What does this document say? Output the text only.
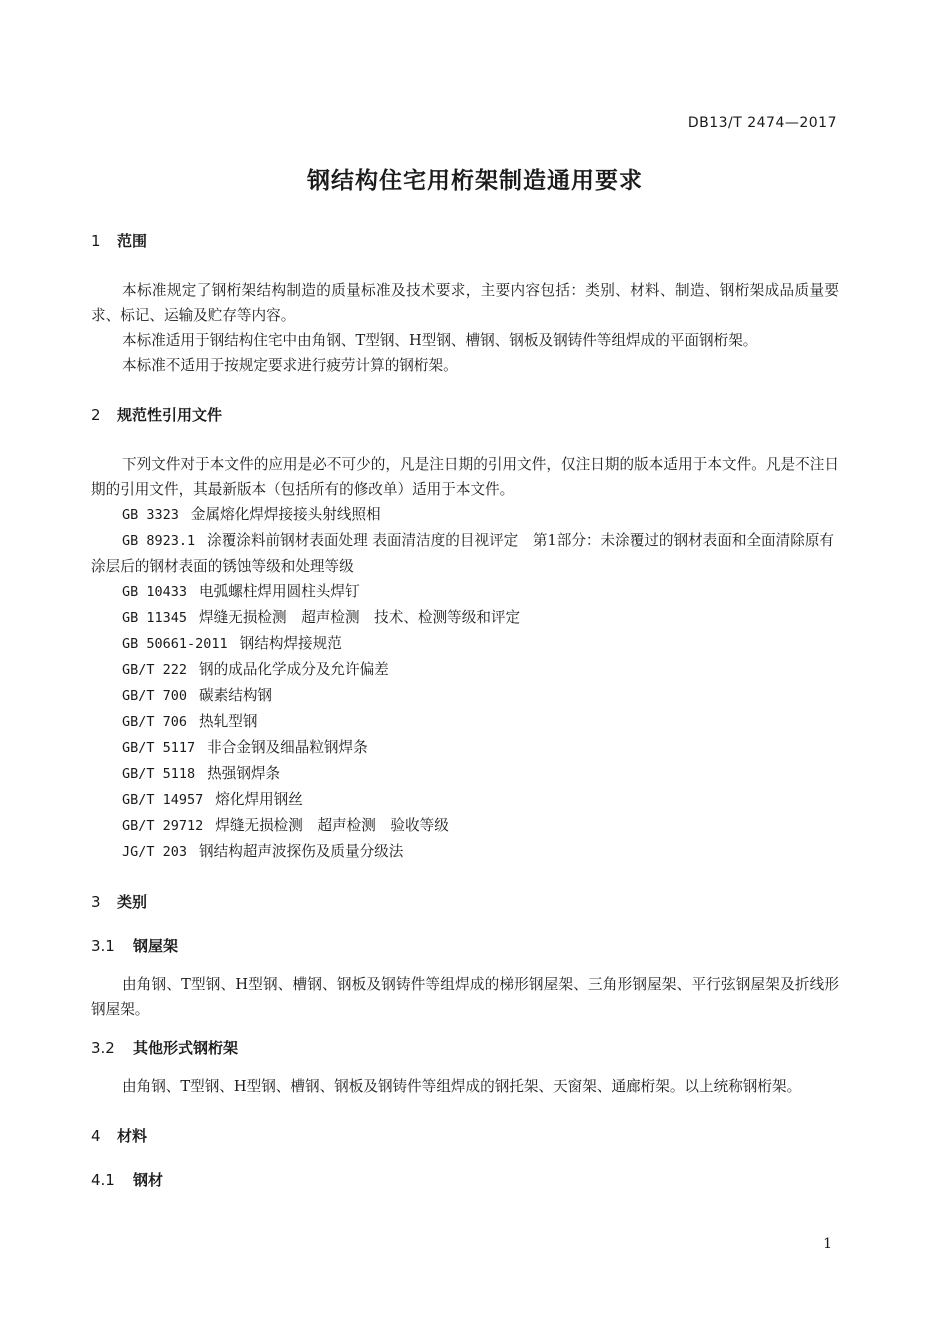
DB13/T 2474—2017
钢结构住宅用桁架制造通用要求
1 范围

本标准规定了钢桁架结构制造的质量标准及技术要求，主要内容包括：类别、材料、制造、钢桁架成品质量要求、标记、运输及贮存等内容。

本标准适用于钢结构住宅中由角钢、T型钢、H型钢、槽钢、钢板及钢铸件等组焊成的平面钢桁架。

本标准不适用于按规定要求进行疲劳计算的钢桁架。

2 规范性引用文件

下列文件对于本文件的应用是必不可少的，凡是注日期的引用文件，仅注日期的版本适用于本文件。凡是不注日期的引用文件，其最新版本（包括所有的修改单）适用于本文件。

GB 3323 金属熔化焊焊接接头射线照相

GB 8923.1 涂覆涂料前钢材表面处理 表面清洁度的目视评定　第1部分：未涂覆过的钢材表面和全面清除原有涂层后的钢材表面的锈蚀等级和处理等级

GB 10433 电弧螺柱焊用圆柱头焊钉

GB 11345 焊缝无损检测　超声检测　技术、检测等级和评定

GB 50661-2011 钢结构焊接规范

GB/T 222 钢的成品化学成分及允许偏差

GB/T 700 碳素结构钢

GB/T 706 热轧型钢

GB/T 5117 非合金钢及细晶粒钢焊条

GB/T 5118 热强钢焊条

GB/T 14957 熔化焊用钢丝

GB/T 29712 焊缝无损检测　超声检测　验收等级

JG/T 203 钢结构超声波探伤及质量分级法

3 类别
3.1 钢屋架

由角钢、T型钢、H型钢、槽钢、钢板及钢铸件等组焊成的梯形钢屋架、三角形钢屋架、平行弦钢屋架及折线形钢屋架。

3.2 其他形式钢桁架

由角钢、T型钢、H型钢、槽钢、钢板及钢铸件等组焊成的钢托架、天窗架、通廊桁架。以上统称钢桁架。

4 材料
4.1 钢材
1
